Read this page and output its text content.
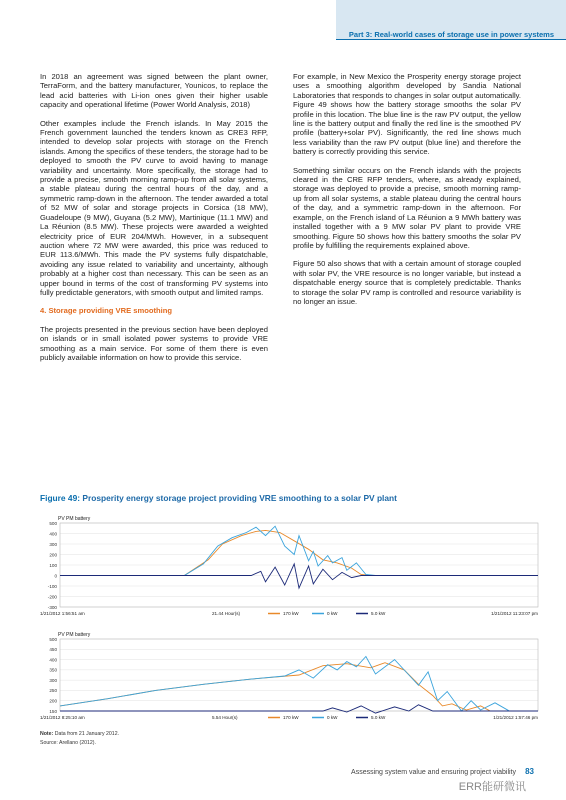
Part 3: Real-world cases of storage use in power systems

In 2018 an agreement was signed between the plant owner, TerraForm, and the battery manufacturer, Younicos, to replace the lead acid batteries with Li-ion ones given their higher usable capacity and operational lifetime (Power World Analysis, 2018)

Other examples include the French islands. In May 2015 the French government launched the tenders known as CRE3 RFP, intended to develop solar projects with storage on the French islands. Among the specifics of these tenders, the storage had to be deployed to smooth the PV curve to avoid having to manage variability and uncertainty. More specifically, the storage had to provide a precise, smooth morning ramp-up from all solar systems, a stable plateau during the central hours of the day, and a symmetric ramp-down in the afternoon. The tender awarded a total of 52 MW of solar and storage projects in Corsica (18 MW), Guadeloupe (9 MW), Guyana (5.2 MW), Martinique (11.1 MW) and La Réunion (8.5 MW). These projects were awarded a weighted electricity price of EUR 204/MWh. However, in a subsequent auction where 72 MW were awarded, this price was reduced to EUR 113.6/MWh. This made the PV systems fully dispatchable, avoiding any issue related to variability and uncertainty, although probably at a higher cost than necessary. This can be seen as an upper bound in terms of the cost of transforming PV systems into fully predictable generators, with smooth output and limited ramps.

4. Storage providing VRE smoothing

The projects presented in the previous section have been deployed on islands or in small isolated power systems to provide VRE smoothing as a main service. For some of them there is even publicly available information on how to provide this service.

For example, in New Mexico the Prosperity energy storage project uses a smoothing algorithm developed by Sandia National Laboratories that responds to changes in solar output automatically. Figure 49 shows how the battery storage smooths the solar PV profile in this location. The blue line is the raw PV output, the yellow line is the battery output and finally the red line is the smoothed PV profile (battery+solar PV). Significantly, the red line shows much less variability than the raw PV output (blue line) and therefore the battery is correctly providing this service.

Something similar occurs on the French islands with the projects cleared in the CRE RFP tenders, where, as already explained, storage was deployed to provide a precise, smooth morning ramp-up from all solar systems, a stable plateau during the central hours of the day, and a symmetric ramp-down in the afternoon. For example, on the French island of La Réunion a 9 MWh battery was installed together with a 9 MW solar PV plant to provide VRE smoothing. Figure 50 shows how this battery smooths the solar PV profile by fulfilling the requirements explained above.

Figure 50 also shows that with a certain amount of storage coupled with solar PV, the VRE resource is no longer variable, but instead a dispatchable energy source that is completely predictable. Thanks to storage the solar PV ramp is controlled and resource variability is no longer an issue.

Figure 49: Prosperity energy storage project providing VRE smoothing to a solar PV plant
PV PM battery
500
400
300
200
100
0
-100
-200
-300
1/21/2012 1:56:51 am	21.44 Hour(s)	1/21/2012 11:23:07 pm
170 kW	0 kW	5.0 kW
PV PM battery
500
450
400
350
300
250
200
150
1/21/2012 8:25:10 am	5.54 Hour(s)	1/21/2012 1:57:46 pm
170 kW	0 kW	5.0 kW
Note: Data from 21 January 2012.
Source: Arellano (2012).
Assessing system value and ensuring project viability 83
ERR能研微讯
